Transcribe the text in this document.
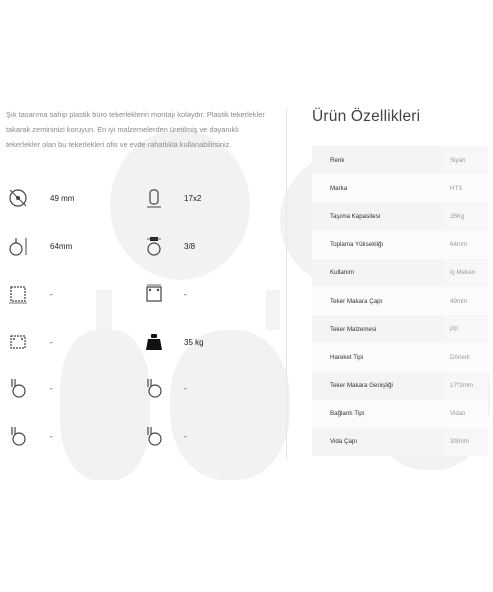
Şık tasarıma sahip plastik büro tekerleklerin montajı kolaydır. Plastik tekerlekler takarak zemininizi koruyun. En iyi malzemelerden üretilmiş ve dayanıklı tekerlekler olan bu tekerlekleri ofis ve evde rahatlıkla kullanabilirsiniz.
49 mm	17x2
64mm	3/8
-	-
-	35 kg
-	-
-	-
Ürün Özellikleri
Renk	Siyah
Marka	HTS
Taşıma Kapasitesi	35Kg
Toplama Yüksekliği	64mm
Kullanım	İç Mekan
Teker Makara Çapı	49mm
Teker Malzemesi	PP
Hareket Tipi	Dönerli
Teker Makara Genişliği	17*2mm
Bağlantı Tipi	Vidalı
Vida Çapı	3/8mm
